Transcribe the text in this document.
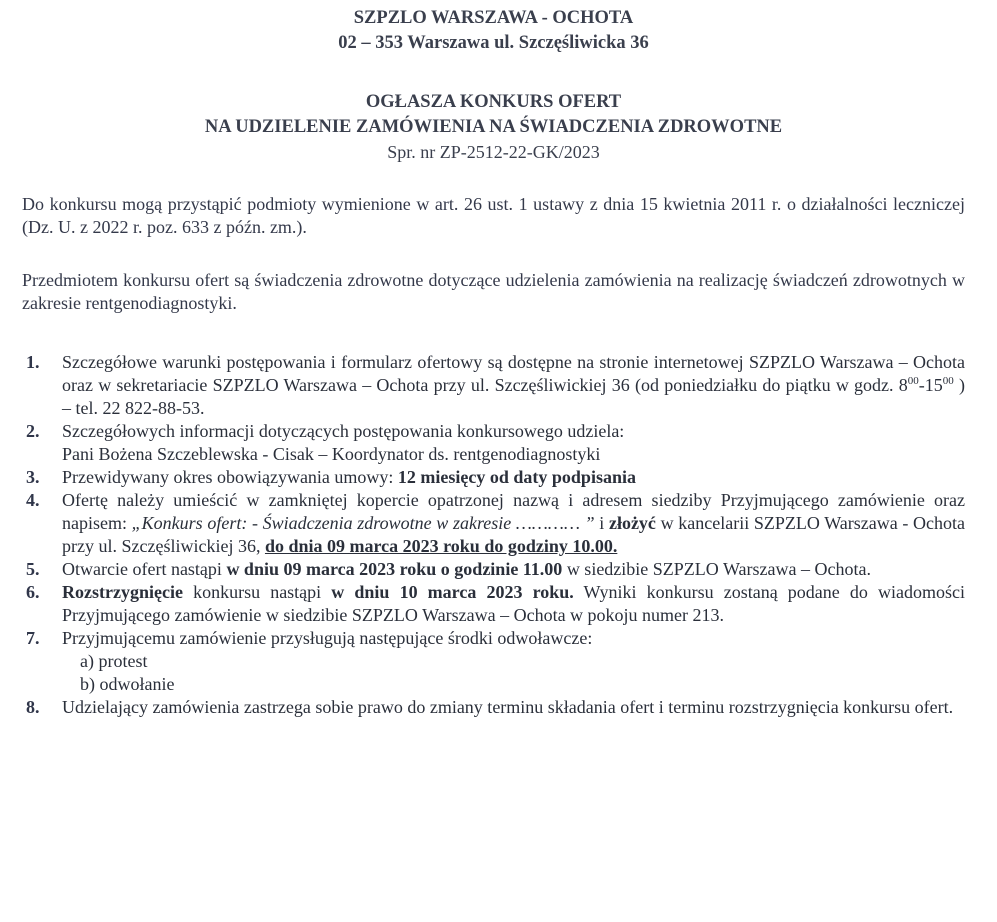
SZPZLO WARSZAWA - OCHOTA
02 – 353 Warszawa ul. Szczęśliwicka 36
OGŁASZA KONKURS OFERT
NA UDZIELENIE ZAMÓWIENIA NA ŚWIADCZENIA ZDROWOTNE
Spr. nr ZP-2512-22-GK/2023

Do konkursu mogą przystąpić podmioty wymienione w art. 26 ust. 1 ustawy z dnia 15 kwietnia 2011 r. o działalności leczniczej (Dz. U. z 2022 r. poz. 633 z późn. zm.).

Przedmiotem konkursu ofert są świadczenia zdrowotne dotyczące udzielenia zamówienia na realizację świadczeń zdrowotnych w zakresie rentgenodiagnostyki.

1. Szczegółowe warunki postępowania i formularz ofertowy są dostępne na stronie internetowej SZPZLO Warszawa – Ochota oraz w sekretariacie SZPZLO Warszawa – Ochota przy ul. Szczęśliwickiej 36 (od poniedziałku do piątku w godz. $8^{00}-15^{00}$ ) – tel. 22 822-88-53.
2. Szczegółowych informacji dotyczących postępowania konkursowego udziela:
Pani Bożena Szczeblewska - Cisak – Koordynator ds. rentgenodiagnostyki
3. Przewidywany okres obowiązywania umowy: 12 miesięcy od daty podpisania
4. Ofertę należy umieścić w zamkniętej kopercie opatrzonej nazwą i adresem siedziby Przyjmującego zamówienie oraz napisem: „Konkurs ofert: - Świadczenia zdrowotne w zakresie ………… ” i złożyć w kancelarii SZPZLO Warszawa - Ochota przy ul. Szczęśliwickiej 36, do dnia 09 marca 2023 roku do godziny 10.00.
5. Otwarcie ofert nastąpi w dniu 09 marca 2023 roku o godzinie 11.00 w siedzibie SZPZLO Warszawa – Ochota.
6. Rozstrzygnięcie konkursu nastąpi w dniu 10 marca 2023 roku. Wyniki konkursu zostaną podane do wiadomości Przyjmującego zamówienie w siedzibie SZPZLO Warszawa – Ochota w pokoju numer 213.
7. Przyjmującemu zamówienie przysługują następujące środki odwoławcze:
a) protest
b) odwołanie
8. Udzielający zamówienia zastrzega sobie prawo do zmiany terminu składania ofert i terminu rozstrzygnięcia konkursu ofert.
